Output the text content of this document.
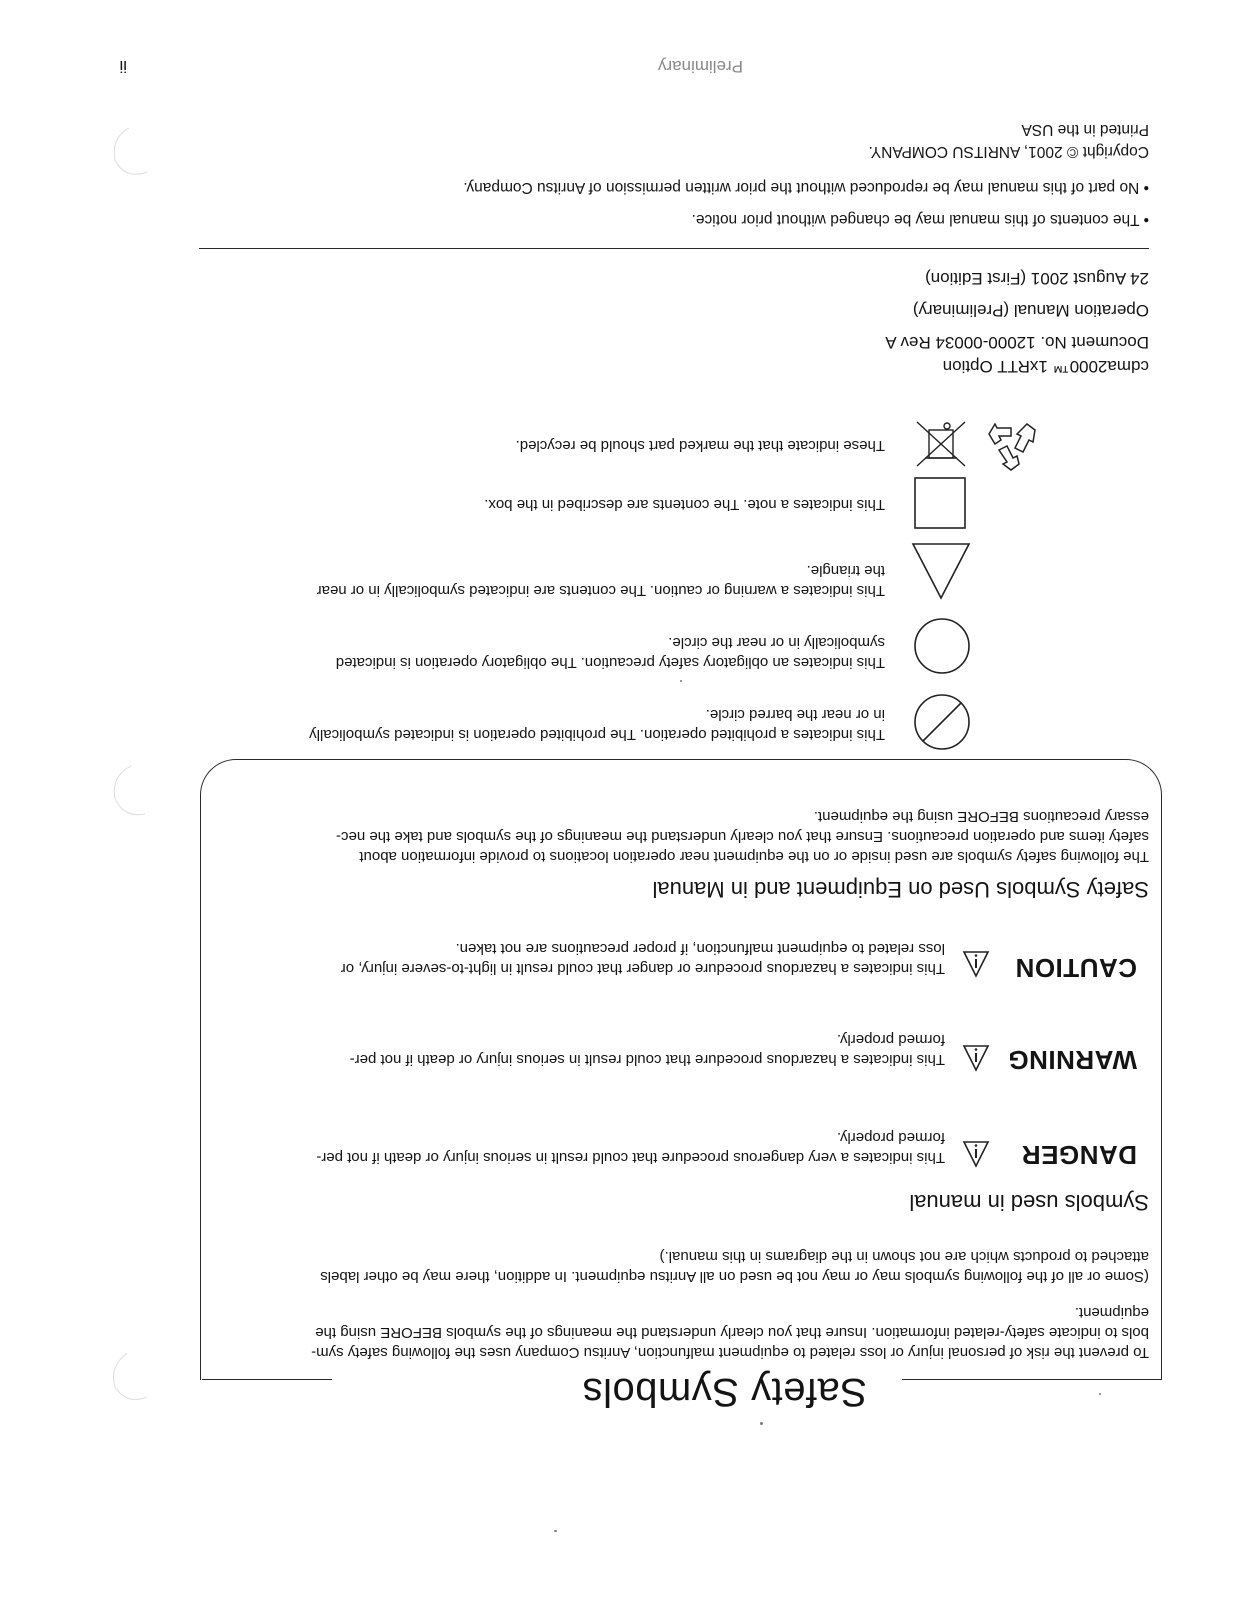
Safety Symbols
To prevent the risk of personal injury or loss related to equipment malfunction, Anritsu Company uses the following safety sym-
bols to indicate safety-related information. Insure that you clearly understand the meanings of the symbols BEFORE using the
equipment.
(Some or all of the following symbols may or may not be used on all Anritsu equipment. In addition, there may be other labels
attached to products which are not shown in the diagrams in this manual.)
Symbols used in manual
DANGER
This indicates a very dangerous procedure that could result in serious injury or death if not per-
formed properly.
WARNING
This indicates a hazardous procedure that could result in serious injury or death if not per-
formed properly.
CAUTION
This indicates a hazardous procedure or danger that could result in light-to-severe injury, or
loss related to equipment malfunction, if proper precautions are not taken.
Safety Symbols Used on Equipment and in Manual
The following safety symbols are used inside or on the equipment near operation locations to provide information about
safety items and operation precautions. Ensure that you clearly understand the meanings of the symbols and take the nec-
essary precautions BEFORE using the equipment.
This indicates a prohibited operation. The prohibited operation is indicated symbolically
in or near the barred circle.
This indicates an obligatory safety precaution. The obligatory operation is indicated
symbolically in or near the circle.
This indicates a warning or caution. The contents are indicated symbolically in or near
the triangle.
This indicates a note. The contents are described in the box.
These indicate that the marked part should be recycled.
cdma2000™ 1xRTT Option
Document No. 12000-00034 Rev A
Operation Manual (Preliminary)
24 August 2001 (First Edition)
• The contents of this manual may be changed without prior notice.
• No part of this manual may be reproduced without the prior written permission of Anritsu Company.
Copyright © 2001, ANRITSU COMPANY.
Printed in the USA
Preliminary
ii
